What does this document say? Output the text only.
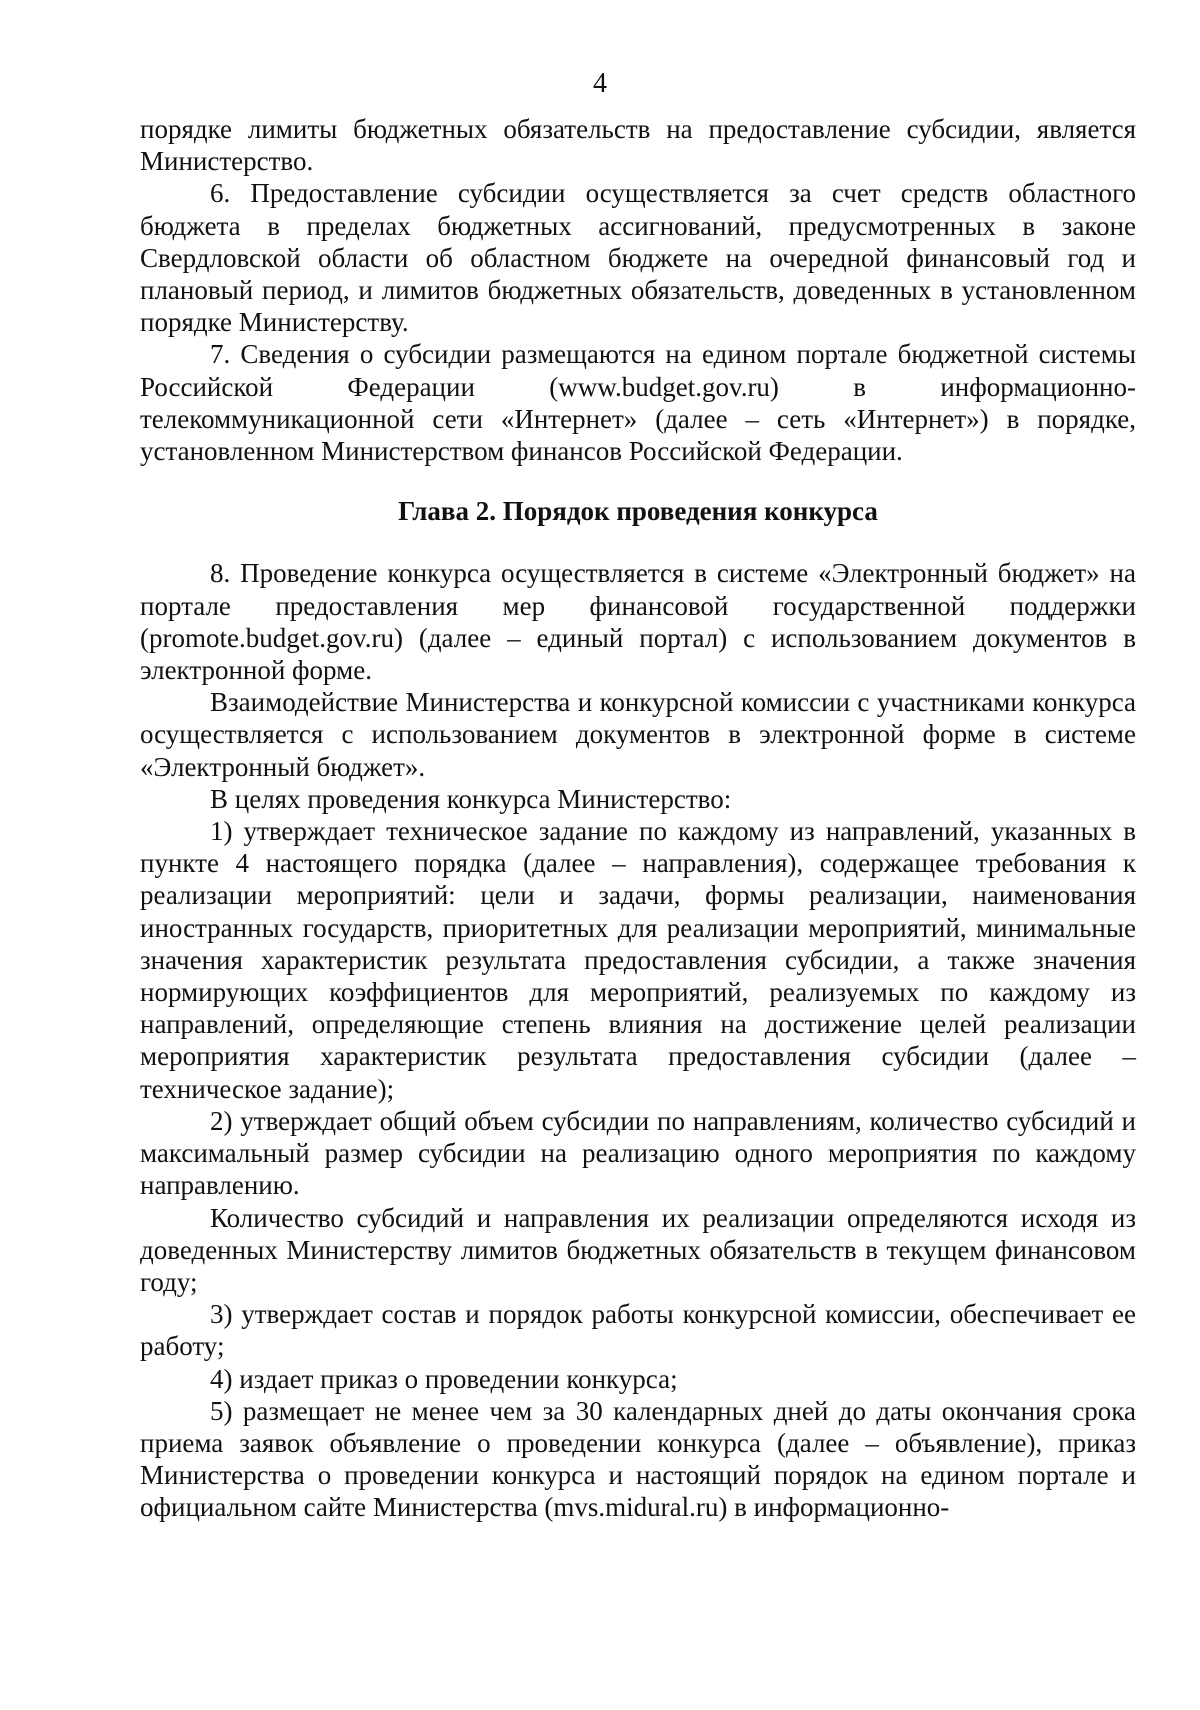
4

порядке лимиты бюджетных обязательств на предоставление субсидии, является Министерство.

6. Предоставление субсидии осуществляется за счет средств областного бюджета в пределах бюджетных ассигнований, предусмотренных в законе Свердловской области об областном бюджете на очередной финансовый год и плановый период, и лимитов бюджетных обязательств, доведенных в установленном порядке Министерству.

7. Сведения о субсидии размещаются на едином портале бюджетной системы Российской Федерации (www.budget.gov.ru) в информационно-телекоммуникационной сети «Интернет» (далее – сеть «Интернет») в порядке, установленном Министерством финансов Российской Федерации.

Глава 2. Порядок проведения конкурса

8. Проведение конкурса осуществляется в системе «Электронный бюджет» на портале предоставления мер финансовой государственной поддержки (promote.budget.gov.ru) (далее – единый портал) с использованием документов в электронной форме.

Взаимодействие Министерства и конкурсной комиссии с участниками конкурса осуществляется с использованием документов в электронной форме в системе «Электронный бюджет».

В целях проведения конкурса Министерство:

1) утверждает техническое задание по каждому из направлений, указанных в пункте 4 настоящего порядка (далее – направления), содержащее требования к реализации мероприятий: цели и задачи, формы реализации, наименования иностранных государств, приоритетных для реализации мероприятий, минимальные значения характеристик результата предоставления субсидии, а также значения нормирующих коэффициентов для мероприятий, реализуемых по каждому из направлений, определяющие степень влияния на достижение целей реализации мероприятия характеристик результата предоставления субсидии (далее – техническое задание);

2) утверждает общий объем субсидии по направлениям, количество субсидий и максимальный размер субсидии на реализацию одного мероприятия по каждому направлению.

Количество субсидий и направления их реализации определяются исходя из доведенных Министерству лимитов бюджетных обязательств в текущем финансовом году;

3) утверждает состав и порядок работы конкурсной комиссии, обеспечивает ее работу;

4) издает приказ о проведении конкурса;

5) размещает не менее чем за 30 календарных дней до даты окончания срока приема заявок объявление о проведении конкурса (далее – объявление), приказ Министерства о проведении конкурса и настоящий порядок на едином портале и официальном сайте Министерства (mvs.midural.ru) в информационно-
